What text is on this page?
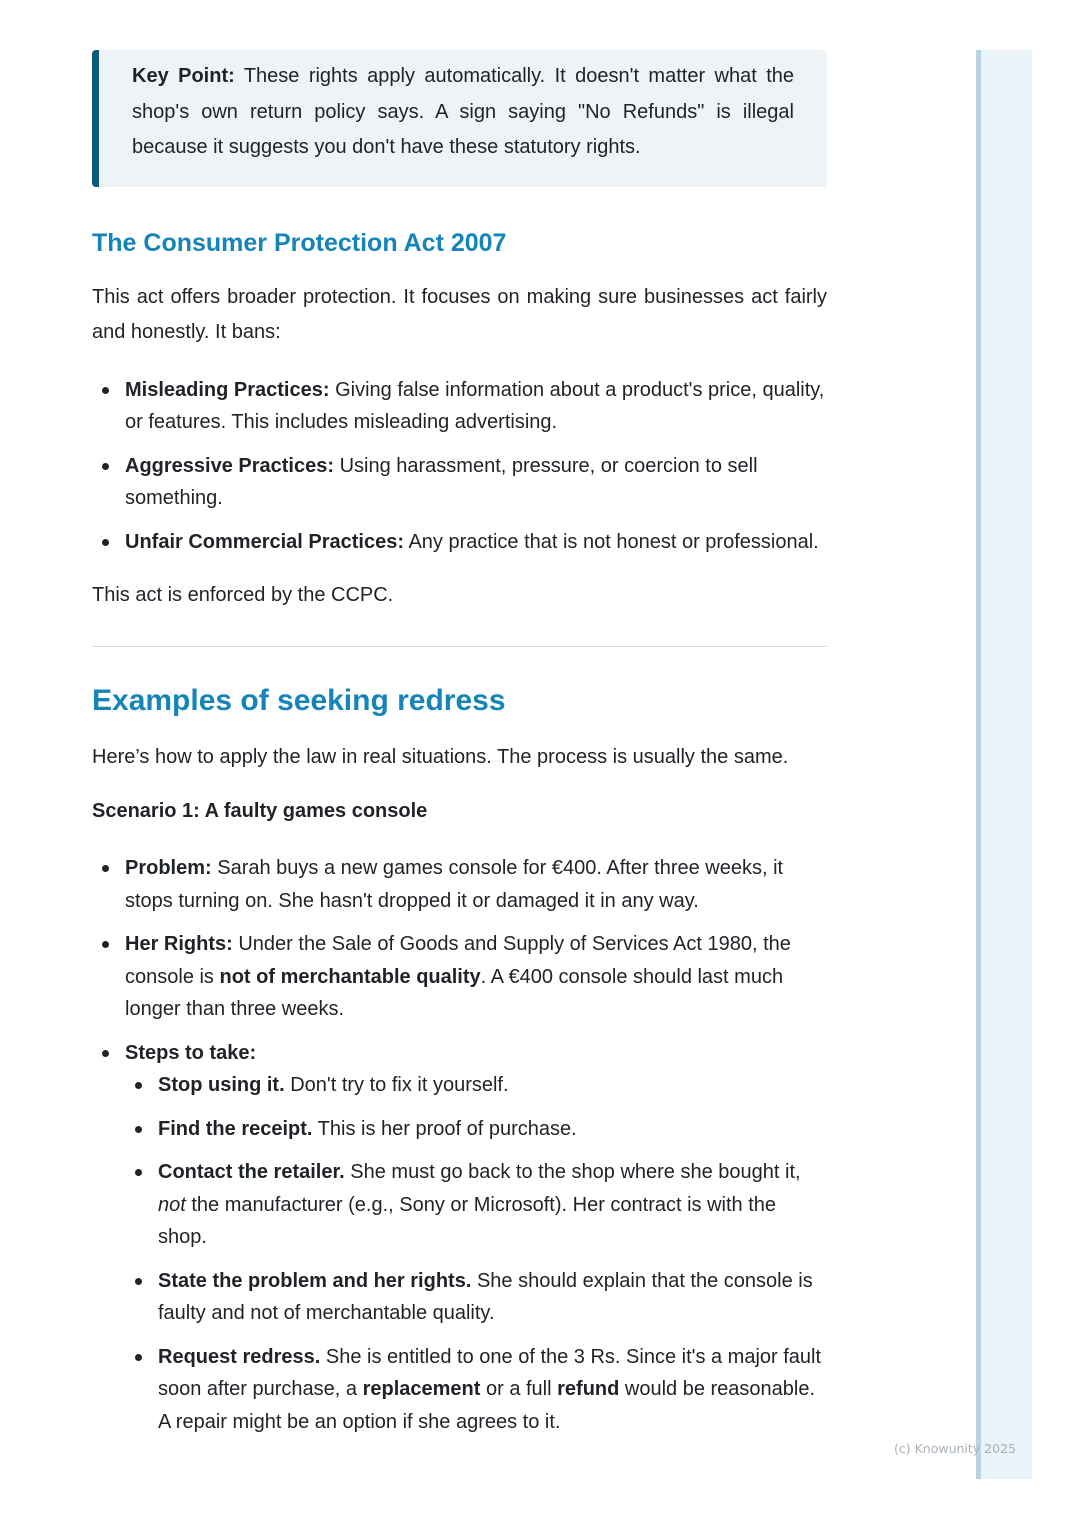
Key Point: These rights apply automatically. It doesn't matter what the shop's own return policy says. A sign saying "No Refunds" is illegal because it suggests you don't have these statutory rights.

The Consumer Protection Act 2007

This act offers broader protection. It focuses on making sure businesses act fairly and honestly. It bans:

Misleading Practices: Giving false information about a product's price, quality, or features. This includes misleading advertising.
Aggressive Practices: Using harassment, pressure, or coercion to sell something.
Unfair Commercial Practices: Any practice that is not honest or professional.

This act is enforced by the CCPC.

Examples of seeking redress

Here’s how to apply the law in real situations. The process is usually the same.

Scenario 1: A faulty games console

Problem: Sarah buys a new games console for €400. After three weeks, it stops turning on. She hasn't dropped it or damaged it in any way.
Her Rights: Under the Sale of Goods and Supply of Services Act 1980, the console is not of merchantable quality. A €400 console should last much longer than three weeks.
Steps to take:
Stop using it. Don't try to fix it yourself.
Find the receipt. This is her proof of purchase.
Contact the retailer. She must go back to the shop where she bought it, not the manufacturer (e.g., Sony or Microsoft). Her contract is with the shop.
State the problem and her rights. She should explain that the console is faulty and not of merchantable quality.
Request redress. She is entitled to one of the 3 Rs. Since it's a major fault soon after purchase, a replacement or a full refund would be reasonable. A repair might be an option if she agrees to it.
(c) Knowunity 2025
